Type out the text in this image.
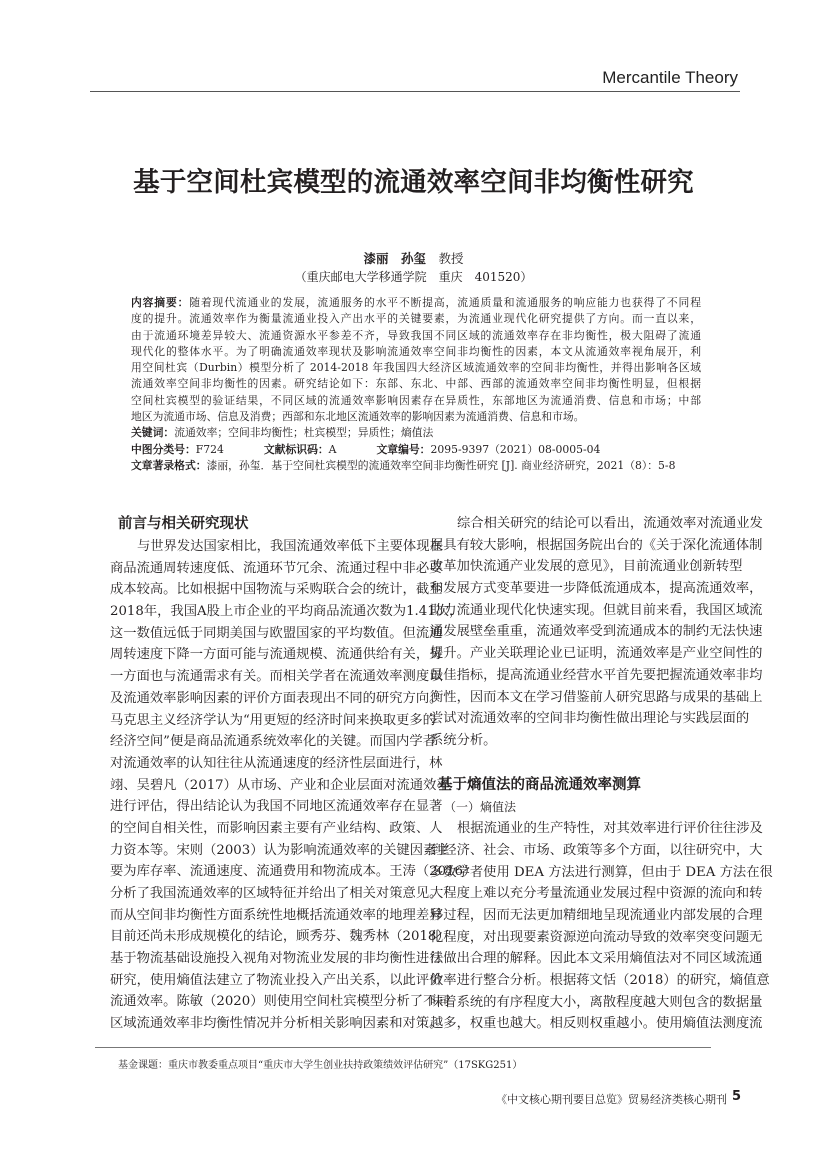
Mercantile Theory
基于空间杜宾模型的流通效率空间非均衡性研究
漆丽　孙玺　 教授
（重庆邮电大学移通学院　重庆　401520）
内容摘要：随着现代流通业的发展，流通服务的水平不断提高，流通质量和流通服务的响应能力也获得了不同程
度的提升。流通效率作为衡量流通业投入产出水平的关键要素，为流通业现代化研究提供了方向。而一直以来，
由于流通环境差异较大、流通资源水平参差不齐，导致我国不同区域的流通效率存在非均衡性，极大阻碍了流通
现代化的整体水平。为了明确流通效率现状及影响流通效率空间非均衡性的因素，本文从流通效率视角展开，利
用空间杜宾（Durbin）模型分析了 2014-2018 年我国四大经济区域流通效率的空间非均衡性，并得出影响各区域
流通效率空间非均衡性的因素。研究结论如下：东部、东北、中部、西部的流通效率空间非均衡性明显，但根据
空间杜宾模型的验证结果，不同区域的流通效率影响因素存在异质性，东部地区为流通消费、信息和市场；中部
地区为流通市场、信息及消费；西部和东北地区流通效率的影响因素为流通消费、信息和市场。
关键词：流通效率；空间非均衡性；杜宾模型；异质性；熵值法
中图分类号：F724	文献标识码：A	文章编号：2095-9397（2021）08-0005-04
文章著录格式：漆丽，孙玺．基于空间杜宾模型的流通效率空间非均衡性研究 [J]. 商业经济研究，2021（8）：5-8
前言与相关研究现状
与世界发达国家相比，我国流通效率低下主要体现在
商品流通周转速度低、流通环节冗余、流通过程中非必要
成本较高。比如根据中国物流与采购联合会的统计，截至
2018年，我国A股上市企业的平均商品流通次数为1.41次，
这一数值远低于同期美国与欧盟国家的平均数值。但流通
周转速度下降一方面可能与流通规模、流通供给有关，另
一方面也与流通需求有关。而相关学者在流通效率测度以
及流通效率影响因素的评价方面表现出不同的研究方向。
马克思主义经济学认为“用更短的经济时间来换取更多的
经济空间”便是商品流通系统效率化的关键。而国内学者
对流通效率的认知往往从流通速度的经济性层面进行，林
翊、吴碧凡（2017）从市场、产业和企业层面对流通效率
进行评估，得出结论认为我国不同地区流通效率存在显著
的空间自相关性，而影响因素主要有产业结构、政策、人
力资本等。宋则（2003）认为影响流通效率的关键因素主
要为库存率、流通速度、流通费用和物流成本。王涛（2016）
分析了我国流通效率的区域特征并给出了相关对策意见。
而从空间非均衡性方面系统性地概括流通效率的地理差异
目前还尚未形成规模化的结论，顾秀芬、魏秀林（2018）
基于物流基础设施投入视角对物流业发展的非均衡性进行
研究，使用熵值法建立了物流业投入产出关系，以此评价
流通效率。陈敏（2020）则使用空间杜宾模型分析了不同
区域流通效率非均衡性情况并分析相关影响因素和对策。
综合相关研究的结论可以看出，流通效率对流通业发
展具有较大影响，根据国务院出台的《关于深化流通体制
改革加快流通产业发展的意见》，目前流通业创新转型
和发展方式变革要进一步降低流通成本，提高流通效率，
助力流通业现代化快速实现。但就目前来看，我国区域流
通发展壁垒重重，流通效率受到流通成本的制约无法快速
提升。产业关联理论业已证明，流通效率是产业空间性的
最佳指标，提高流通业经营水平首先要把握流通效率非均
衡性，因而本文在学习借鉴前人研究思路与成果的基础上
尝试对流通效率的空间非均衡性做出理论与实践层面的
系统分析。
基于熵值法的商品流通效率测算
（一）熵值法
根据流通业的生产特性，对其效率进行评价往往涉及
到经济、社会、市场、政策等多个方面，以往研究中，大
多数学者使用 DEA 方法进行测算，但由于 DEA 方法在很
大程度上难以充分考量流通业发展过程中资源的流向和转
移过程，因而无法更加精细地呈现流通业内部发展的合理
化程度，对出现要素资源逆向流动导致的效率突变问题无
法做出合理的解释。因此本文采用熵值法对不同区域流通
效率进行整合分析。根据蒋文恬（2018）的研究，熵值意
味着系统的有序程度大小，离散程度越大则包含的数据量
越多，权重也越大。相反则权重越小。使用熵值法测度流
基金课题：重庆市教委重点项目“重庆市大学生创业扶持政策绩效评估研究”（17SKG251）
《中文核心期刊要目总览》贸易经济类核心期刊 5
